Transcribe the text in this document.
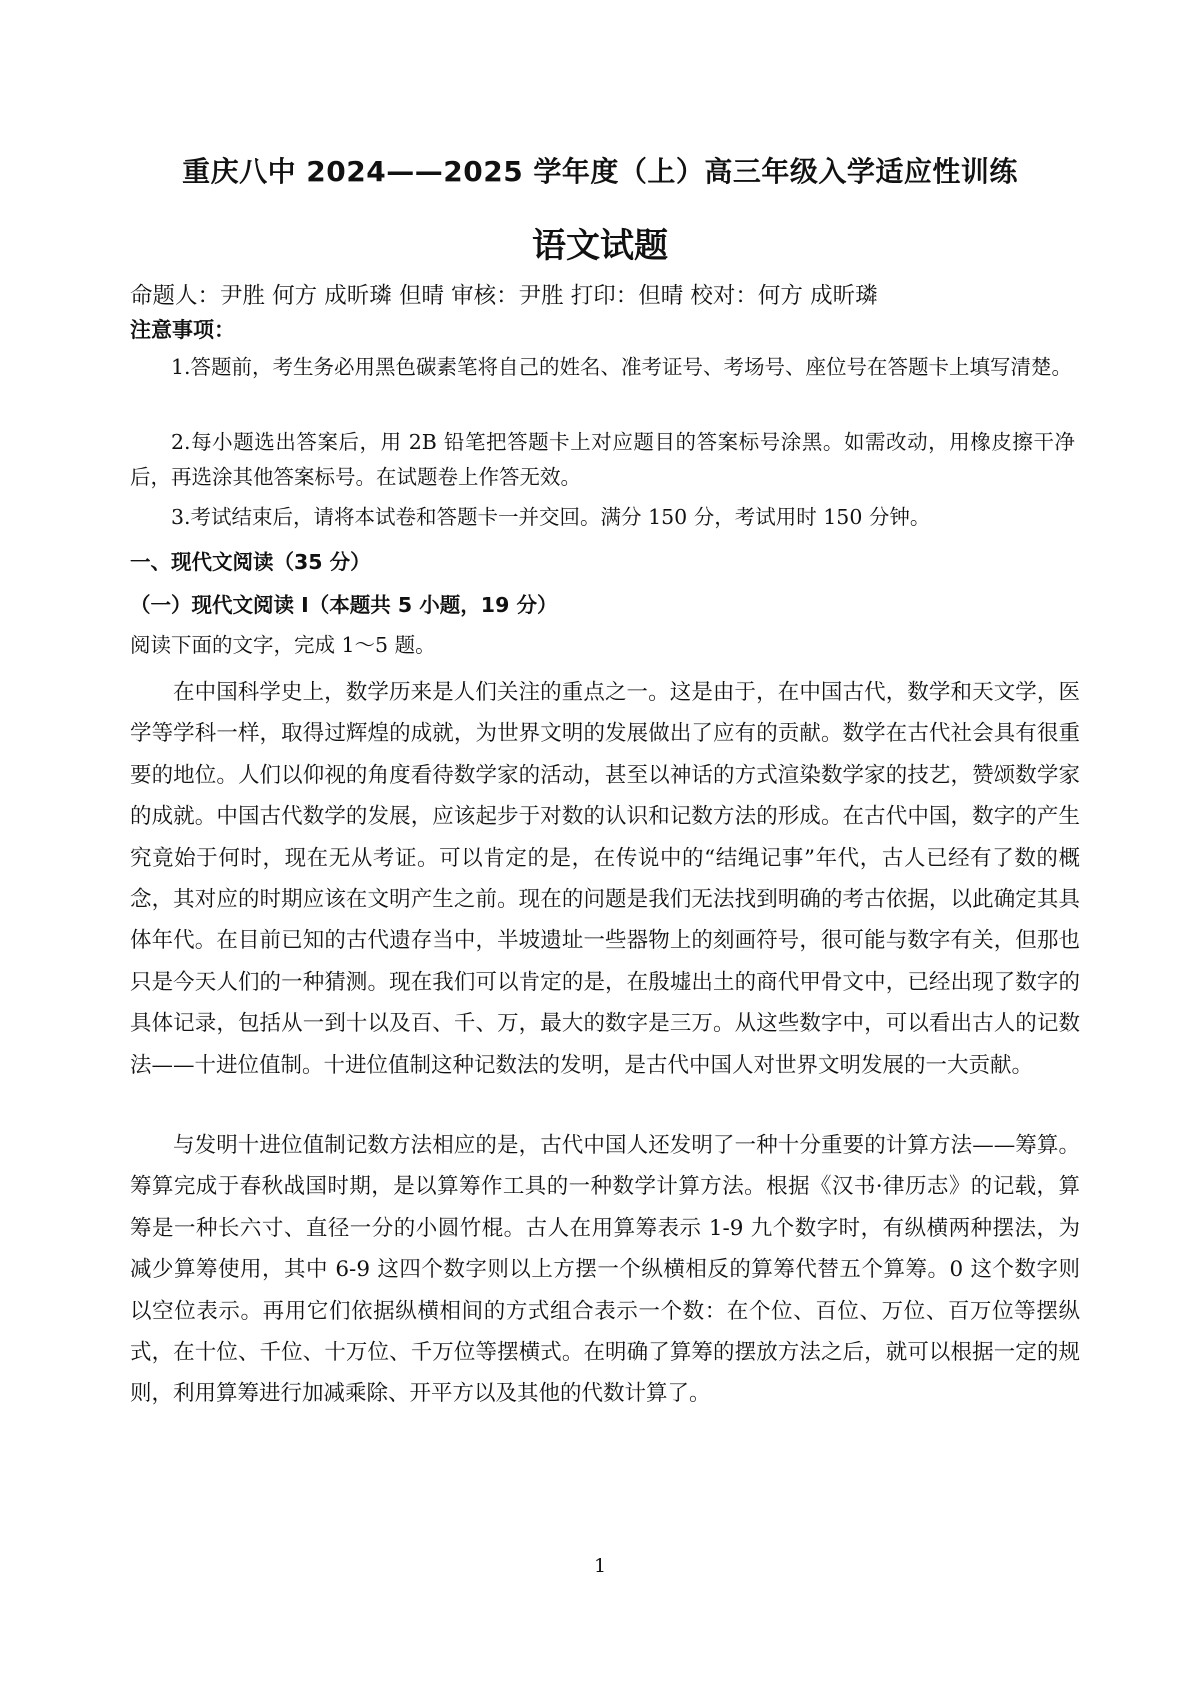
重庆八中 2024——2025 学年度（上）高三年级入学适应性训练
语文试题
命题人：尹胜 何方 成昕璘 但晴 审核：尹胜 打印：但晴 校对：何方 成昕璘
注意事项：

1.答题前，考生务必用黑色碳素笔将自己的姓名、准考证号、考场号、座位号在答题卡上填写清楚。

2.每小题选出答案后，用 2B 铅笔把答题卡上对应题目的答案标号涂黑。如需改动，用橡皮擦干净后，再选涂其他答案标号。在试题卷上作答无效。

3.考试结束后，请将本试卷和答题卡一并交回。满分 150 分，考试用时 150 分钟。

一、现代文阅读（35 分）
（一）现代文阅读 I（本题共 5 小题，19 分）
阅读下面的文字，完成 1～5 题。

在中国科学史上，数学历来是人们关注的重点之一。这是由于，在中国古代，数学和天文学，医学等学科一样，取得过辉煌的成就，为世界文明的发展做出了应有的贡献。数学在古代社会具有很重要的地位。人们以仰视的角度看待数学家的活动，甚至以神话的方式渲染数学家的技艺，赞颂数学家的成就。中国古代数学的发展，应该起步于对数的认识和记数方法的形成。在古代中国，数字的产生究竟始于何时，现在无从考证。可以肯定的是，在传说中的“结绳记事”年代，古人已经有了数的概念，其对应的时期应该在文明产生之前。现在的问题是我们无法找到明确的考古依据，以此确定其具体年代。在目前已知的古代遗存当中，半坡遗址一些器物上的刻画符号，很可能与数字有关，但那也只是今天人们的一种猜测。现在我们可以肯定的是，在殷墟出土的商代甲骨文中，已经出现了数字的具体记录，包括从一到十以及百、千、万，最大的数字是三万。从这些数字中，可以看出古人的记数法——十进位值制。十进位值制这种记数法的发明，是古代中国人对世界文明发展的一大贡献。

与发明十进位值制记数方法相应的是，古代中国人还发明了一种十分重要的计算方法——筹算。筹算完成于春秋战国时期，是以算筹作工具的一种数学计算方法。根据《汉书·律历志》的记载，算筹是一种长六寸、直径一分的小圆竹棍。古人在用算筹表示 1-9 九个数字时，有纵横两种摆法，为减少算筹使用，其中 6-9 这四个数字则以上方摆一个纵横相反的算筹代替五个算筹。0 这个数字则以空位表示。再用它们依据纵横相间的方式组合表示一个数：在个位、百位、万位、百万位等摆纵式，在十位、千位、十万位、千万位等摆横式。在明确了算筹的摆放方法之后，就可以根据一定的规则，利用算筹进行加减乘除、开平方以及其他的代数计算了。

1
